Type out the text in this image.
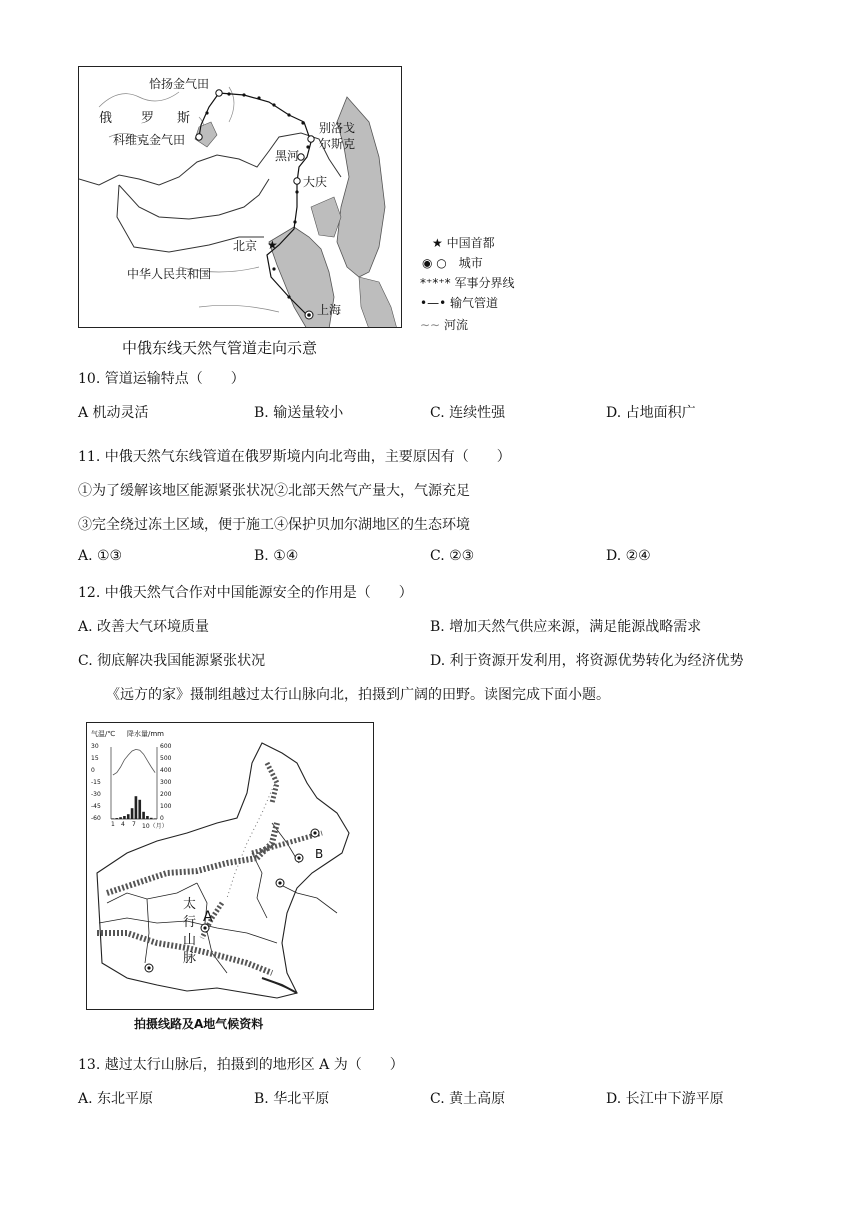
★
恰扬金气田
俄 罗 斯
科维克金气田
别洛戈
尔斯克
黑河
大庆
北京
中华人民共和国
上海
★ 中国首都
◉ ○　城市
*⁺*⁺* 军事分界线
•—• 输气管道
∼∼ 河流
中俄东线天然气管道走向示意
10. 管道运输特点（　　）
A 机动灵活	B. 输送量较小	C. 连续性强	D. 占地面积广
11. 中俄天然气东线管道在俄罗斯境内向北弯曲，主要原因有（　　）
①为了缓解该地区能源紧张状况②北部天然气产量大，气源充足
③完全绕过冻土区域，便于施工④保护贝加尔湖地区的生态环境
A. ①③	B. ①④	C. ②③	D. ②④
12. 中俄天然气合作对中国能源安全的作用是（　　）
A. 改善大气环境质量	B. 增加天然气供应来源，满足能源战略需求
C. 彻底解决我国能源紧张状况	D. 利于资源开发利用，将资源优势转化为经济优势
《远方的家》摄制组越过太行山脉向北，拍摄到广阔的田野。读图完成下面小题。
气温/℃ 降水量/mm
30
15
0
-15
-30
-45
-60
600
500
400
300
200
100
0
1 4 7 10（月）
太
行
山
脉
A
B
拍摄线路及A地气候资料
13. 越过太行山脉后，拍摄到的地形区 A 为（　　）
A. 东北平原	B. 华北平原	C. 黄土高原	D. 长江中下游平原
